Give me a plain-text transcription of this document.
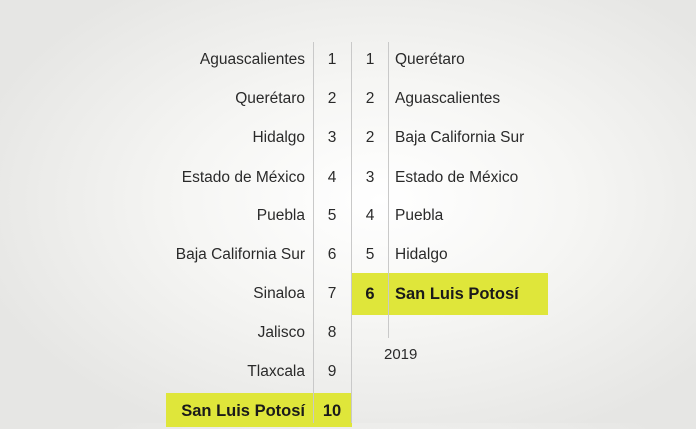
Aguascalientes	1
Querétaro	2
Hidalgo	3
Estado de México	4
Puebla	5
Baja California Sur	6
Sinaloa	7
Jalisco	8
Tlaxcala	9
San Luis Potosí 10
1	Querétaro
2	Aguascalientes
2	Baja California Sur
3	Estado de México
4	Puebla
5	Hidalgo
6	San Luis Potosí
2019
